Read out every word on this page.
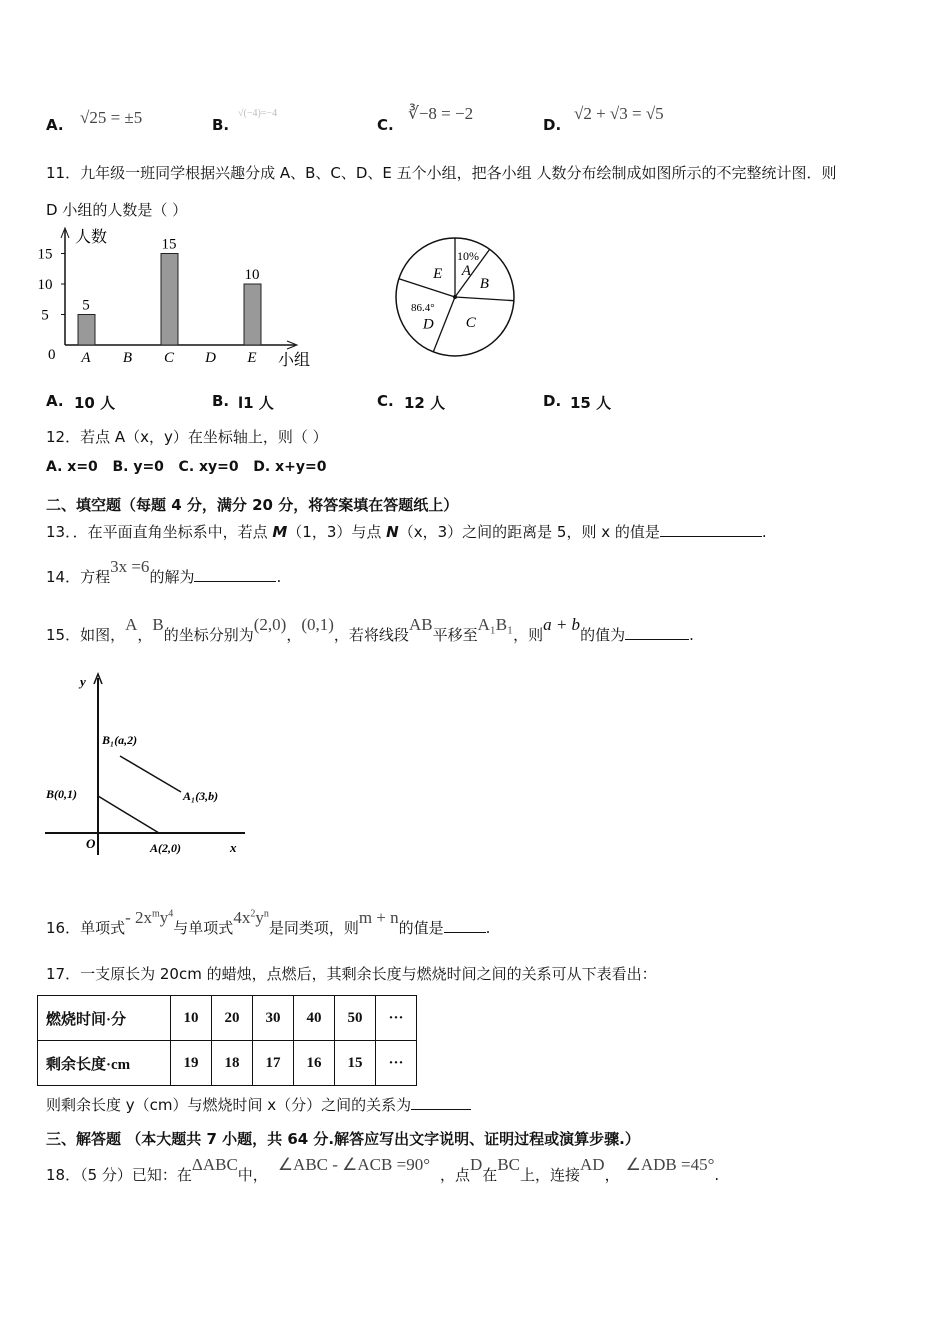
A. √25 = ±5	B.
√(−4)=−4
C.
∛−8 = −2
D.
√2 + √3 = √5
11．九年级一班同学根据兴趣分成 A、B、C、D、E 五个小组，把各小组 人数分布绘制成如图所示的不完整统计图．则
D 小组的人数是（ ）
人数
小组
0
5
10
15
A
5
B C
15
D E
10	A
B
C
D
E
10%
86.4°
A. 10 人	B. l1 人	C. 12 人	D. 15 人
12．若点 A（x，y）在坐标轴上，则（ ）
A. x=0 B. y=0 C. xy=0 D. x+y=0
二、填空题（每题 4 分，满分 20 分，将答案填在答题纸上）
13．．在平面直角坐标系中，若点 M（1，3）与点 N（x，3）之间的距离是 5，则 x 的值是	.
14．方程3x =6的解为	.
15．如图，A，B的坐标分别为(2,0)，(0,1)，若将线段AB平移至A₁B₁，则a + b的值为	.
y
x
O
B(0,1)
A(2,0)
B₁(a,2)
A₁(3,b)
16．单项式- $2x^my^4$与单项式$4x^2y^n$是同类项，则m + n的值是	.
17．一支原长为 20cm 的蜡烛，点燃后，其剩余长度与燃烧时间之间的关系可从下表看出：
燃烧时间·分	10	20	30	40	50	···
剩余长度·cm	19	18	17	16	15	···
则剩余长度 y（cm）与燃烧时间 x（分）之间的关系为
三、解答题 （本大题共 7 小题，共 64 分.解答应写出文字说明、证明过程或演算步骤.）
18．（5 分）已知：在ΔABC中，∠ABC - ∠ACB =90°，点D在BC上，连接AD，∠ADB =45°.
